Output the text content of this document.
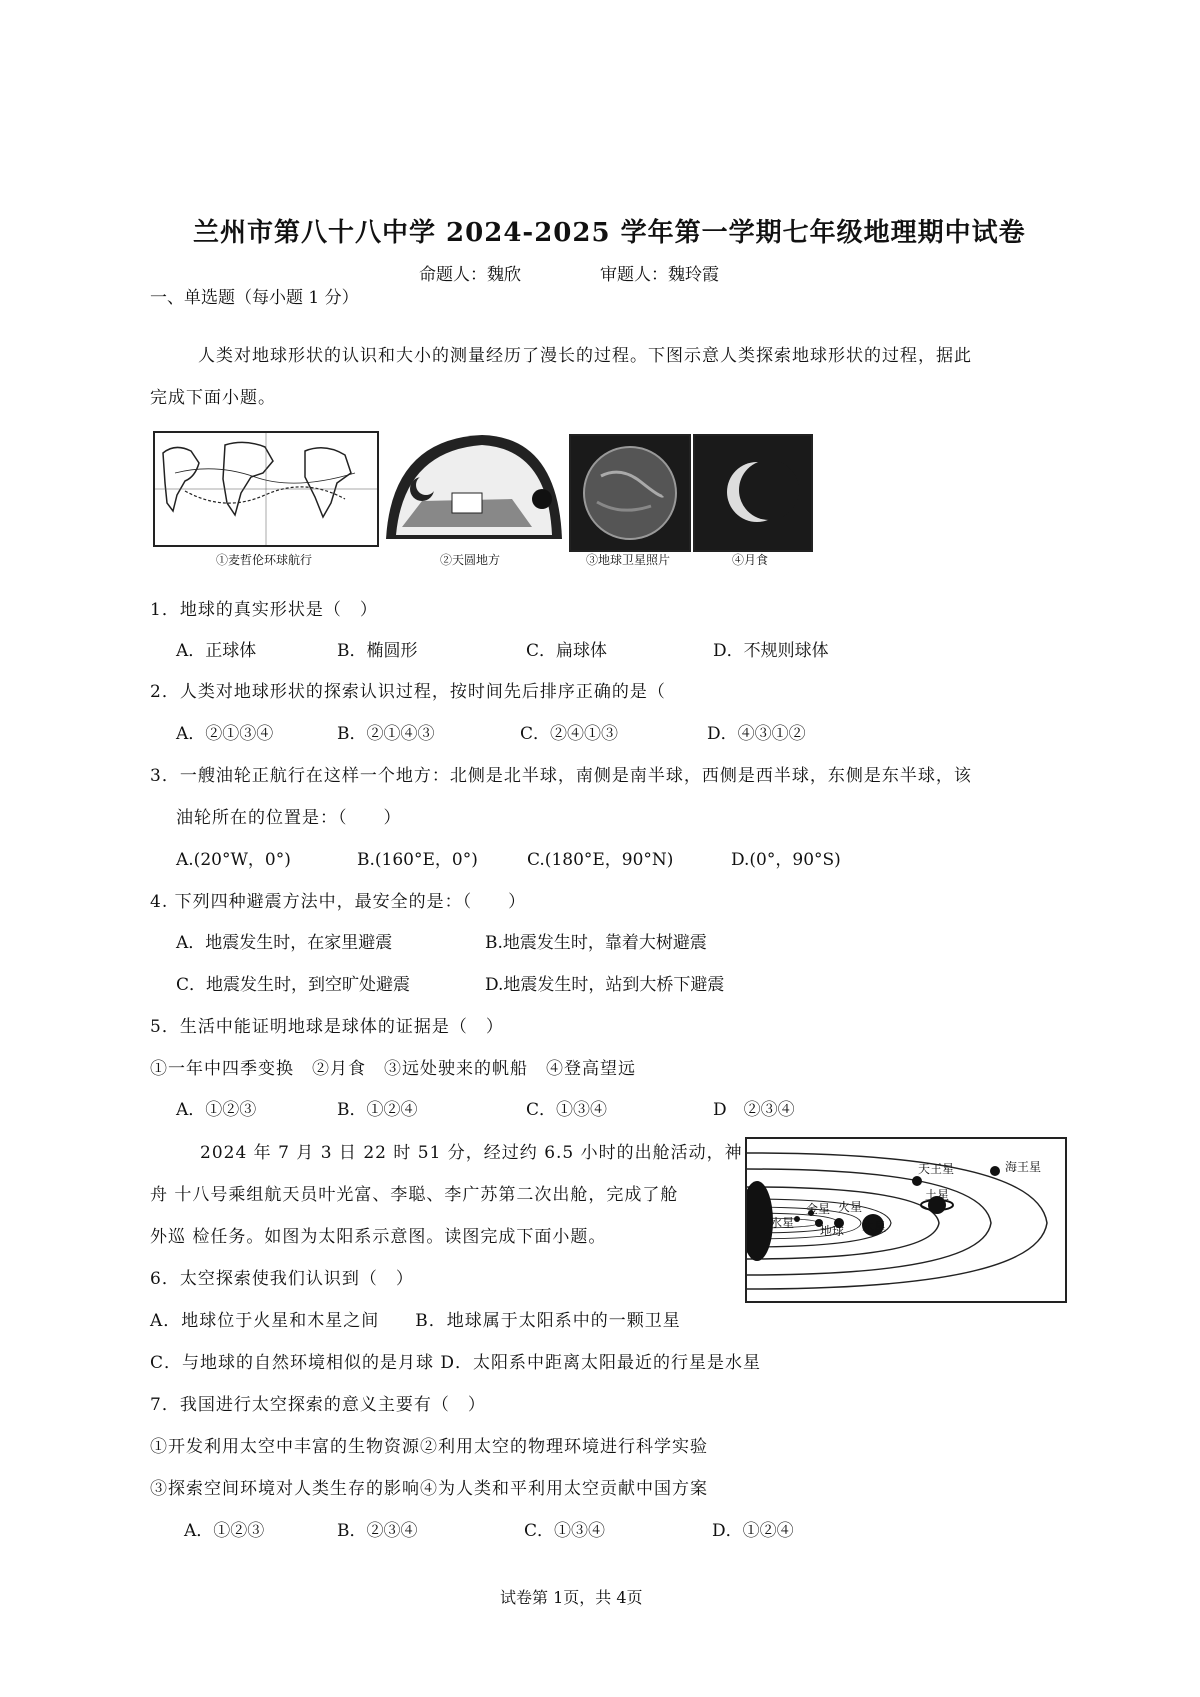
兰州市第八十八中学 2024-2025 学年第一学期七年级地理期中试卷
命题人：魏欣	审题人：魏玲霞
一、单选题（每小题 1 分）
人类对地球形状的认识和大小的测量经历了漫长的过程。下图示意人类探索地球形状的过程，据此
完成下面小题。
①麦哲伦环球航行	②天圆地方	③地球卫星照片	④月食
1．地球的真实形状是（　）
A．正球体	B．椭圆形	C．扁球体	D．不规则球体
2．人类对地球形状的探索认识过程，按时间先后排序正确的是（
A．②①③④	B．②①④③	C．②④①③	D．④③①②
3．一艘油轮正航行在这样一个地方：北侧是北半球，南侧是南半球，西侧是西半球，东侧是东半球，该
油轮所在的位置是：（　　）
A.(20°W，0°)	B.(160°E，0°)	C.(180°E，90°N)	D.(0°，90°S)
4. 下列四种避震方法中，最安全的是：（　　）
A．地震发生时，在家里避震	B.地震发生时，靠着大树避震
C．地震发生时，到空旷处避震	D.地震发生时，站到大桥下避震
5．生活中能证明地球是球体的证据是（　）
①一年中四季变换　②月食　③远处驶来的帆船　④登高望远
A．①②③	B．①②④	C．①③④	D　②③④
2024 年 7 月 3 日 22 时 51 分，经过约 6.5 小时的出舱活动，神
舟 十八号乘组航天员叶光富、李聪、李广苏第二次出舱，完成了舱
外巡 检任务。如图为太阳系示意图。读图完成下面小题。
天王星	海王星
土星
木星
地球
火星
金星
水星
6．太空探索使我们认识到（　）
A．地球位于火星和木星之间　　B．地球属于太阳系中的一颗卫星
C．与地球的自然环境相似的是月球 D．太阳系中距离太阳最近的行星是水星
7．我国进行太空探索的意义主要有（　）
①开发利用太空中丰富的生物资源②利用太空的物理环境进行科学实验
③探索空间环境对人类生存的影响④为人类和平利用太空贡献中国方案
A．①②③	B．②③④	C．①③④	D．①②④
试卷第 1页，共 4页
